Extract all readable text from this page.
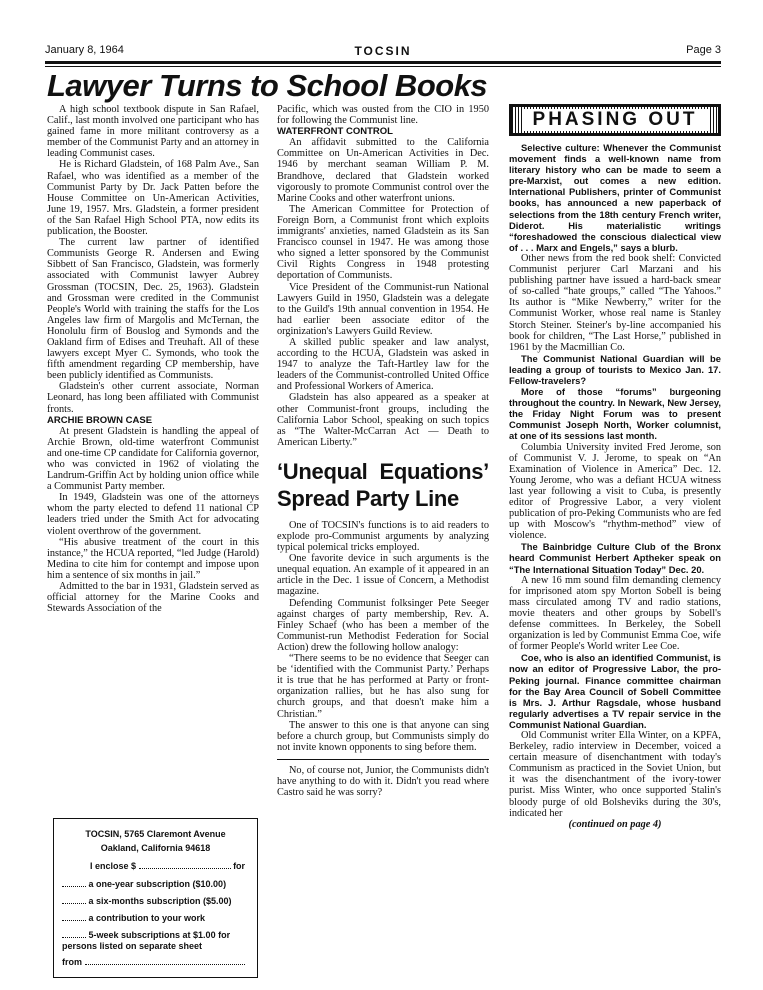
January 8, 1964	TOCSIN	Page 3
Lawyer Turns to School Books

A high school textbook dispute in San Rafael, Calif., last month involved one participant who has gained fame in more militant controversy as a member of the Communist Party and an attorney in leading Communist cases.

He is Richard Gladstein, of 168 Palm Ave., San Rafael, who was identified as a member of the Communist Party by Dr. Jack Patten before the House Committee on Un-American Activities, June 19, 1957. Mrs. Gladstein, a former president of the San Rafael High School PTA, now edits its publication, the Booster.

The current law partner of identified Communists George R. Andersen and Ewing Sibbett of San Francisco, Gladstein, was formerly associated with Communist lawyer Aubrey Grossman (TOCSIN, Dec. 25, 1963). Gladstein and Grossman were credited in the Communist People's World with training the staffs for the Los Angeles law firm of Margolis and McTernan, the Honolulu firm of Bouslog and Symonds and the Oakland firm of Edises and Treuhaft. All of these lawyers except Myer C. Symonds, who took the fifth amendment regarding CP membership, have been publicly identified as Communists.

Gladstein's other current associate, Norman Leonard, has long been affiliated with Communist fronts.

ARCHIE BROWN CASE

At present Gladstein is handling the appeal of Archie Brown, old-time waterfront Communist and one-time CP candidate for California governor, who was convicted in 1962 of violating the Landrum-Griffin Act by holding union office while a Communist Party member.

In 1949, Gladstein was one of the attorneys whom the party elected to defend 11 national CP leaders tried under the Smith Act for advocating violent overthrow of the government.

“His abusive treatment of the court in this instance,” the HCUA reported, “led Judge (Harold) Medina to cite him for contempt and impose upon him a sentence of six months in jail.”

Admitted to the bar in 1931, Gladstein served as official attorney for the Marine Cooks and Stewards Association of the

Pacific, which was ousted from the CIO in 1950 for following the Communist line.

WATERFRONT CONTROL

An affidavit submitted to the California Committee on Un-American Activities in Dec. 1946 by merchant seaman William P. M. Brandhove, declared that Gladstein worked vigorously to promote Communist control over the Marine Cooks and other waterfront unions.

The American Committee for Protection of Foreign Born, a Communist front which exploits immigrants' anxieties, named Gladstein as its San Francisco counsel in 1947. He was among those who signed a letter sponsored by the Communist Civil Rights Congress in 1948 protesting deportation of Communists.

Vice President of the Communist-run National Lawyers Guild in 1950, Gladstein was a delegate to the Guild's 19th annual convention in 1954. He had earlier been associate editor of the orginization's Lawyers Guild Review.

A skilled public speaker and law analyst, according to the HCUA, Gladstein was asked in 1947 to analyze the Taft-Hartley law for the leaders of the Communist-controlled United Office and Professional Workers of America.

Gladstein has also appeared as a speaker at other Communist-front groups, including the California Labor School, speaking on such topics as “The Walter-McCarran Act — Death to American Liberty.”

‘Unequal Equations’ Spread Party Line

One of TOCSIN's functions is to aid readers to explode pro-Communist arguments by analyzing typical polemical tricks employed.

One favorite device in such arguments is the unequal equation. An example of it appeared in an article in the Dec. 1 issue of Concern, a Methodist magazine.

Defending Communist folksinger Pete Seeger against charges of party membership, Rev. A. Finley Schaef (who has been a member of the Communist-run Methodist Federation for Social Action) drew the following hollow analogy:

“There seems to be no evidence that Seeger can be ‘identified with the Communist Party.’ Perhaps it is true that he has performed at Party or front-organization rallies, but he has also sung for church groups, and that doesn't make him a Christian.”

The answer to this one is that anyone can sing before a church group, but Communists simply do not invite known opponents to sing before them.

No, of course not, Junior, the Communists didn't have anything to do with it. Didn't you read where Castro said he was sorry?

PHASING OUT

Selective culture: Whenever the Communist movement finds a well-known name from literary history who can be made to seem a pre-Marxist, out comes a new edition. International Publishers, printer of Communist books, has announced a new paperback of selections from the 18th century French writer, Diderot. His materialistic writings “foreshadowed the conscious dialectical view of . . . Marx and Engels,” says a blurb.

Other news from the red book shelf: Convicted Communist perjurer Carl Marzani and his publishing partner have issued a hard-back smear of so-called “hate groups,” called “The Yahoos.” Its author is “Mike Newberry,” writer for the Communist Worker, whose real name is Stanley Storch Steiner. Steiner's by-line accompanied his book for children, “The Last Horse,” published in 1961 by the Macmillian Co.

The Communist National Guardian will be leading a group of tourists to Mexico Jan. 17. Fellow-travelers?

More of those “forums” burgeoning throughout the country. In Newark, New Jersey, the Friday Night Forum was to present Communist Joseph North, Worker columnist, at one of its sessions last month.

Columbia University invited Fred Jerome, son of Communist V. J. Jerome, to speak on “An Examination of Violence in America” Dec. 12. Young Jerome, who was a defiant HCUA witness last year following a visit to Cuba, is presently editor of Progressive Labor, a very violent publication of pro-Peking Communists who are fed up with Moscow's “rhythm-method” view of violence.

The Bainbridge Culture Club of the Bronx heard Communist Herbert Aptheker speak on “The International Situation Today” Dec. 20.

A new 16 mm sound film demanding clemency for imprisoned atom spy Morton Sobell is being mass circulated among TV and radio stations, movie theaters and other groups by Sobell's defense committees. In Berkeley, the Sobell organization is led by Communist Emma Coe, wife of former People's World writer Lee Coe.

Coe, who is also an identified Communist, is now an editor of Progressive Labor, the pro-Peking journal. Finance committee chairman for the Bay Area Council of Sobell Committee is Mrs. J. Arthur Ragsdale, whose husband regularly advertises a TV repair service in the Communist National Guardian.

Old Communist writer Ella Winter, on a KPFA, Berkeley, radio interview in December, voiced a certain measure of disenchantment with today's Communism as practiced in the Soviet Union, but it was the disenchantment of the ivory-tower purist. Miss Winter, who once supported Stalin's bloody purge of old Bolsheviks during the 30's, indicated her

(continued on page 4)

TOCSIN, 5765 Claremont Avenue
Oakland, California 94618
I enclose $	for
a one-year subscription ($10.00)
a six-months subscription ($5.00)
a contribution to your work
5-week subscriptions at $1.00 for persons listed on separate sheet
from
